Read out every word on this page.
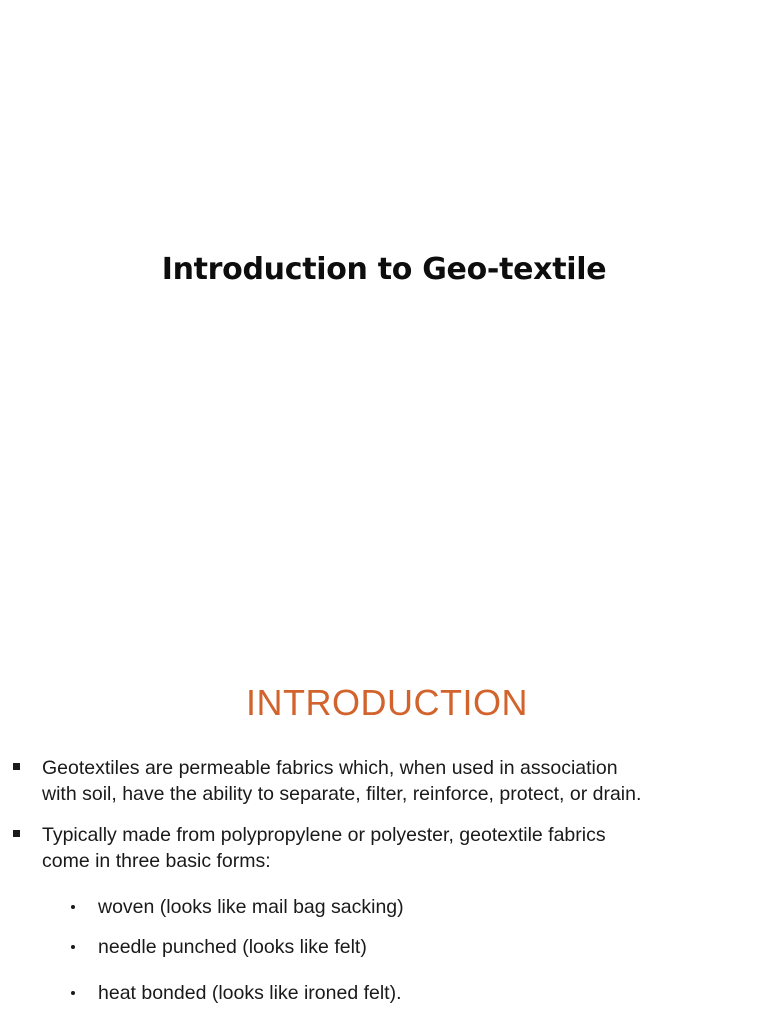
Introduction to Geo-textile
INTRODUCTION
Geotextiles are permeable fabrics which, when used in association
with soil, have the ability to separate, filter, reinforce, protect, or drain.
Typically made from polypropylene or polyester, geotextile fabrics
come in three basic forms:
woven (looks like mail bag sacking)
needle punched (looks like felt)
heat bonded (looks like ironed felt).
